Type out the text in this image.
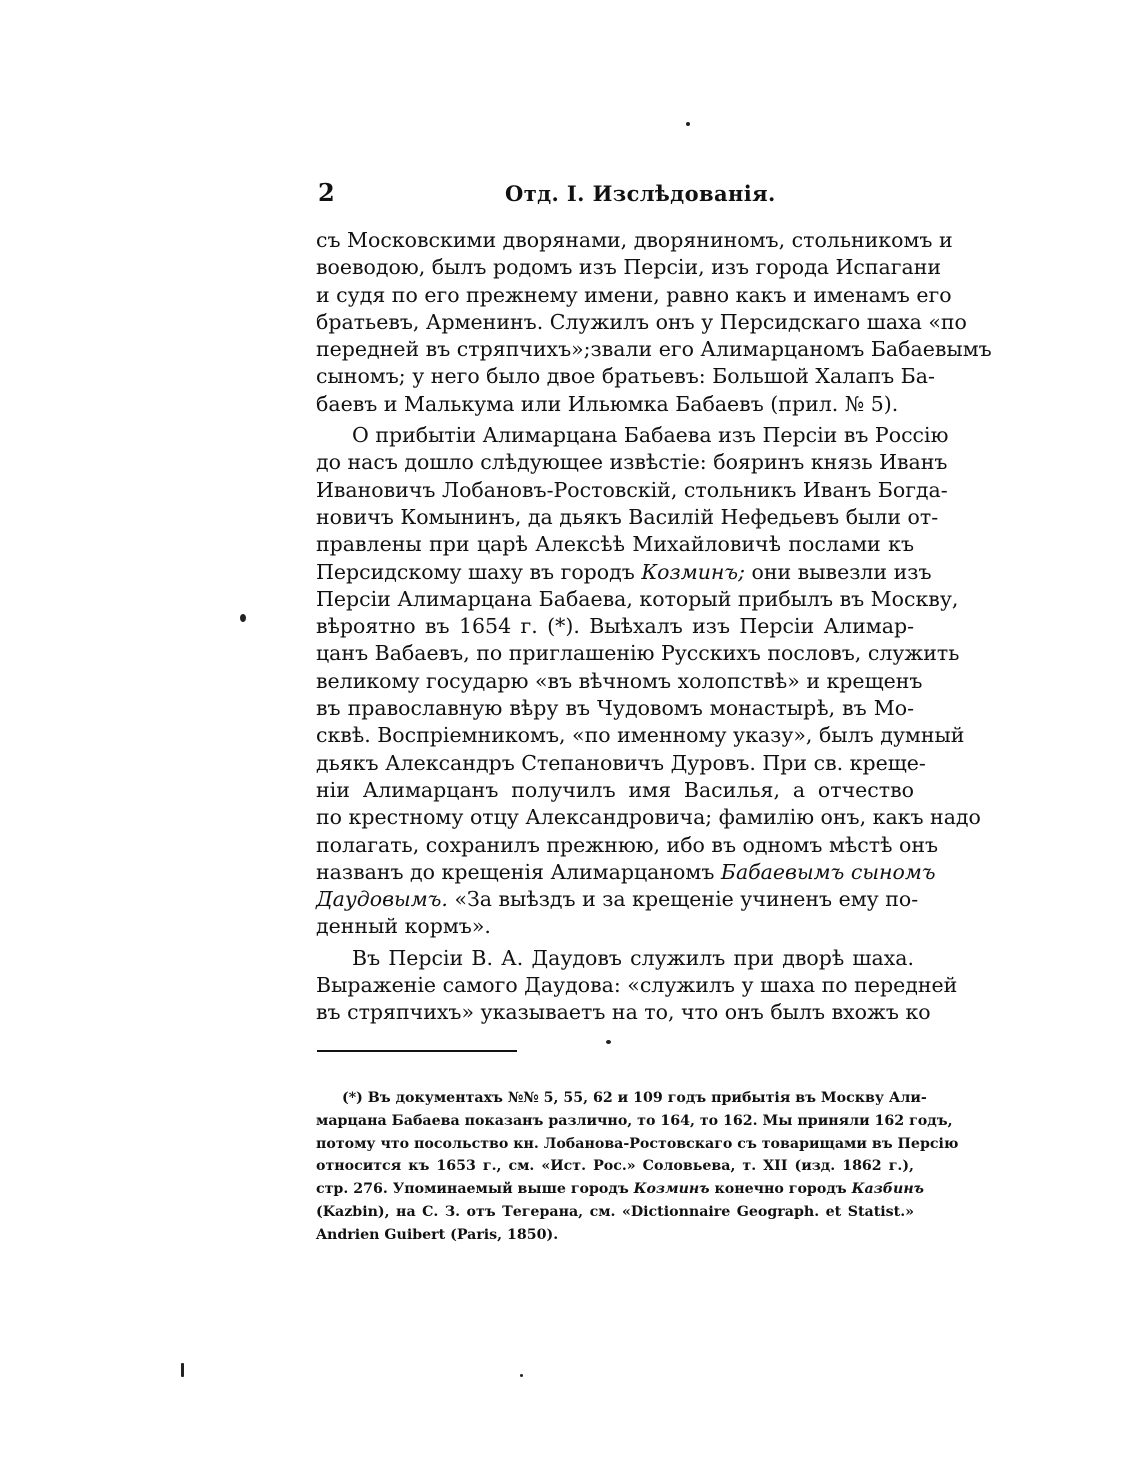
2	Отд. I. Изслѣдованія.
съ Московскими дворянами, дворяниномъ, стольникомъ и
воеводою, былъ родомъ изъ Персіи, изъ города Испагани
и судя по его прежнему имени, равно какъ и именамъ его
братьевъ, Арменинъ. Служилъ онъ у Персидскаго шаха «по
передней въ стряпчихъ»;звали его Алимарцаномъ Бабаевымъ
сыномъ; у него было двое братьевъ: Большой Халапъ Ба-
баевъ и Малькума или Ильюмка Бабаевъ (прил. № 5).
О прибытіи Алимарцана Бабаева изъ Персіи въ Россію
до насъ дошло слѣдующее извѣстіе: бояринъ князь Иванъ
Ивановичъ Лобановъ-Ростовскій, стольникъ Иванъ Богда-
новичъ Комынинъ, да дьякъ Василій Нефедьевъ были от-
правлены при царѣ Алексѣѣ Михайловичѣ послами къ
Персидскому шаху въ городъ Козминъ; они вывезли изъ
Персіи Алимарцана Бабаева, который прибылъ въ Москву,
вѣроятно въ 1654 г. (*). Выѣхалъ изъ Персіи Алимар-
цанъ Вабаевъ, по приглашенію Русскихъ пословъ, служить
великому государю «въ вѣчномъ холопствѣ» и крещенъ
въ православную вѣру въ Чудовомъ монастырѣ, въ Мо-
сквѣ. Воспріемникомъ, «по именному указу», былъ думный
дьякъ Александръ Степановичъ Дуровъ. При св. креще-
ніи Алимарцанъ получилъ имя Василья, а отчество
по крестному отцу Александровича; фамилію онъ, какъ надо
полагать, сохранилъ прежнюю, ибо въ одномъ мѣстѣ онъ
названъ до крещенія Алимарцаномъ Бабаевымъ сыномъ
Даудовымъ. «За выѣздъ и за крещеніе учиненъ ему по-
денный кормъ».
Въ Персіи В. А. Даудовъ служилъ при дворѣ шаха.
Выраженіе самого Даудова: «служилъ у шаха по передней
въ стряпчихъ» указываетъ на то, что онъ былъ вхожъ ко
(*) Въ документахъ №№ 5, 55, 62 и 109 годъ прибытія въ Москву Али-
марцана Бабаева показанъ различно, то 164, то 162. Мы приняли 162 годъ,
потому что посольство кн. Лобанова-Ростовскаго съ товарищами въ Персію
относится къ 1653 г., см. «Ист. Рос.» Соловьева, т. XII (изд. 1862 г.),
стр. 276. Упоминаемый выше городъ Козминъ конечно городъ Казбинъ
(Kazbin), на С. З. отъ Тегерана, см. «Dictionnaire Geograph. et Statist.»
Andrien Guibert (Paris, 1850).
